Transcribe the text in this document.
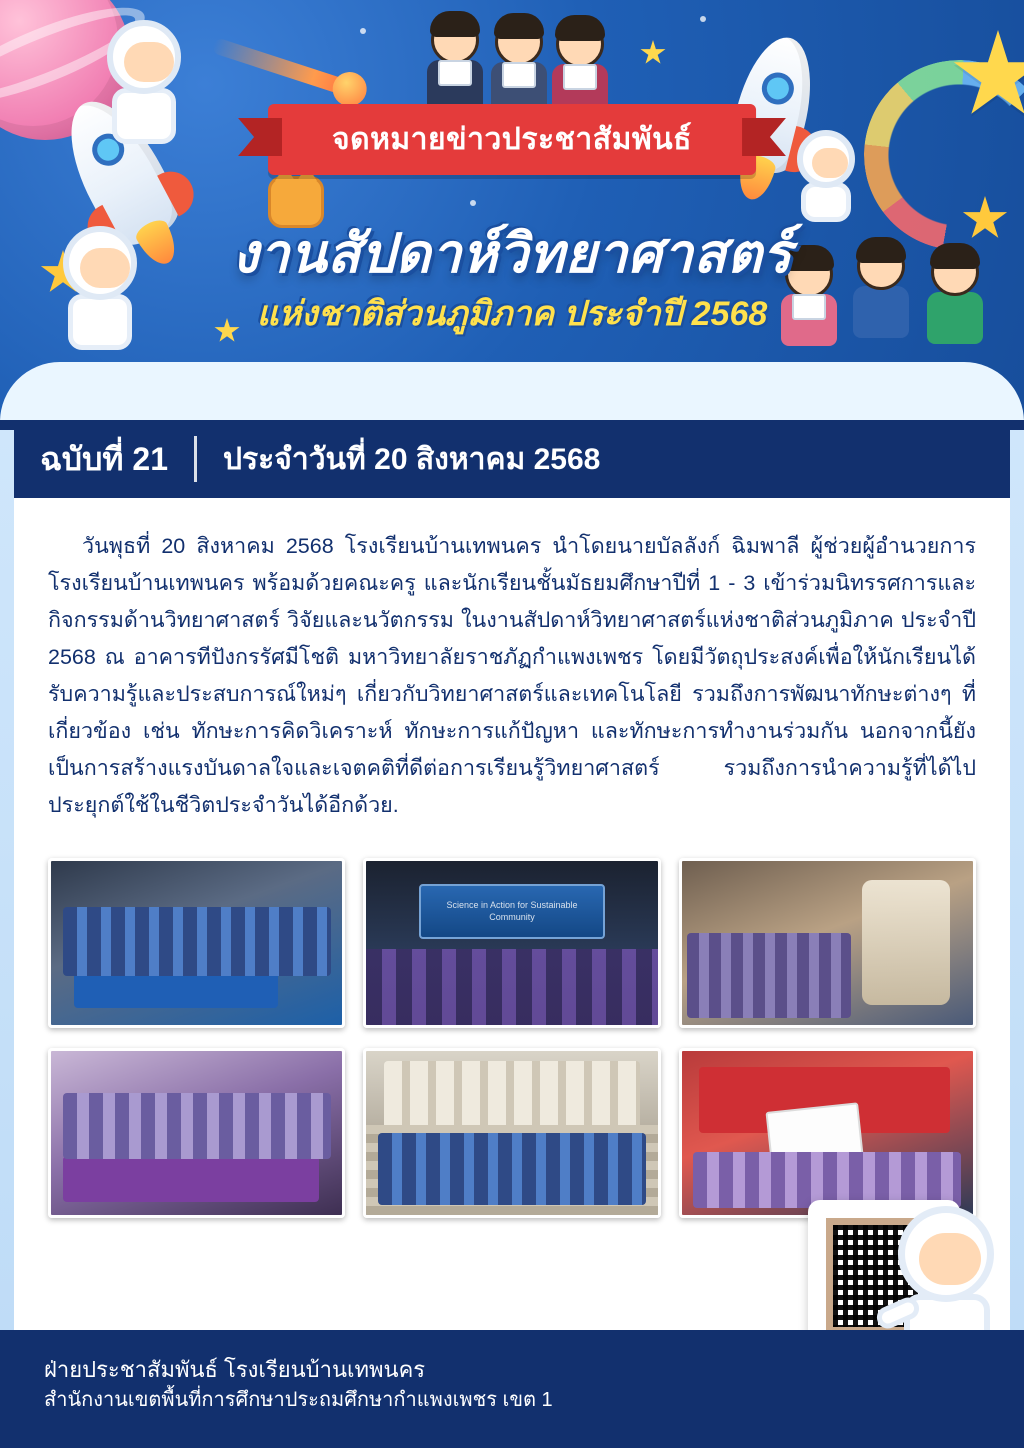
จดหมายข่าวประชาสัมพันธ์
งานสัปดาห์วิทยาศาสตร์
แห่งชาติส่วนภูมิภาค ประจำปี 2568
ฉบับที่ 21	ประจำวันที่ 20 สิงหาคม 2568
วันพุธที่ 20 สิงหาคม 2568 โรงเรียนบ้านเทพนคร นำโดยนายบัลลังก์ ฉิมพาลี ผู้ช่วยผู้อำนวยการโรงเรียนบ้านเทพนคร พร้อมด้วยคณะครู และนักเรียนชั้นมัธยมศึกษาปีที่ 1 - 3 เข้าร่วมนิทรรศการและกิจกรรมด้านวิทยาศาสตร์ วิจัยและนวัตกรรม ในงานสัปดาห์วิทยาศาสตร์แห่งชาติส่วนภูมิภาค ประจำปี 2568 ณ อาคารทีปังกรรัศมีโชติ มหาวิทยาลัยราชภัฏกำแพงเพชร โดยมีวัตถุประสงค์เพื่อให้นักเรียนได้รับความรู้และประสบการณ์ใหม่ๆ เกี่ยวกับวิทยาศาสตร์และเทคโนโลยี รวมถึงการพัฒนาทักษะต่างๆ ที่เกี่ยวข้อง เช่น ทักษะการคิดวิเคราะห์ ทักษะการแก้ปัญหา และทักษะการทำงานร่วมกัน นอกจากนี้ยังเป็นการสร้างแรงบันดาลใจและเจตคติที่ดีต่อการเรียนรู้วิทยาศาสตร์ รวมถึงการนำความรู้ที่ได้ไปประยุกต์ใช้ในชีวิตประจำวันได้อีกด้วย.
Science in Action for Sustainable Community
ฝ่ายประชาสัมพันธ์ โรงเรียนบ้านเทพนคร
สำนักงานเขตพื้นที่การศึกษาประถมศึกษากำแพงเพชร เขต 1
